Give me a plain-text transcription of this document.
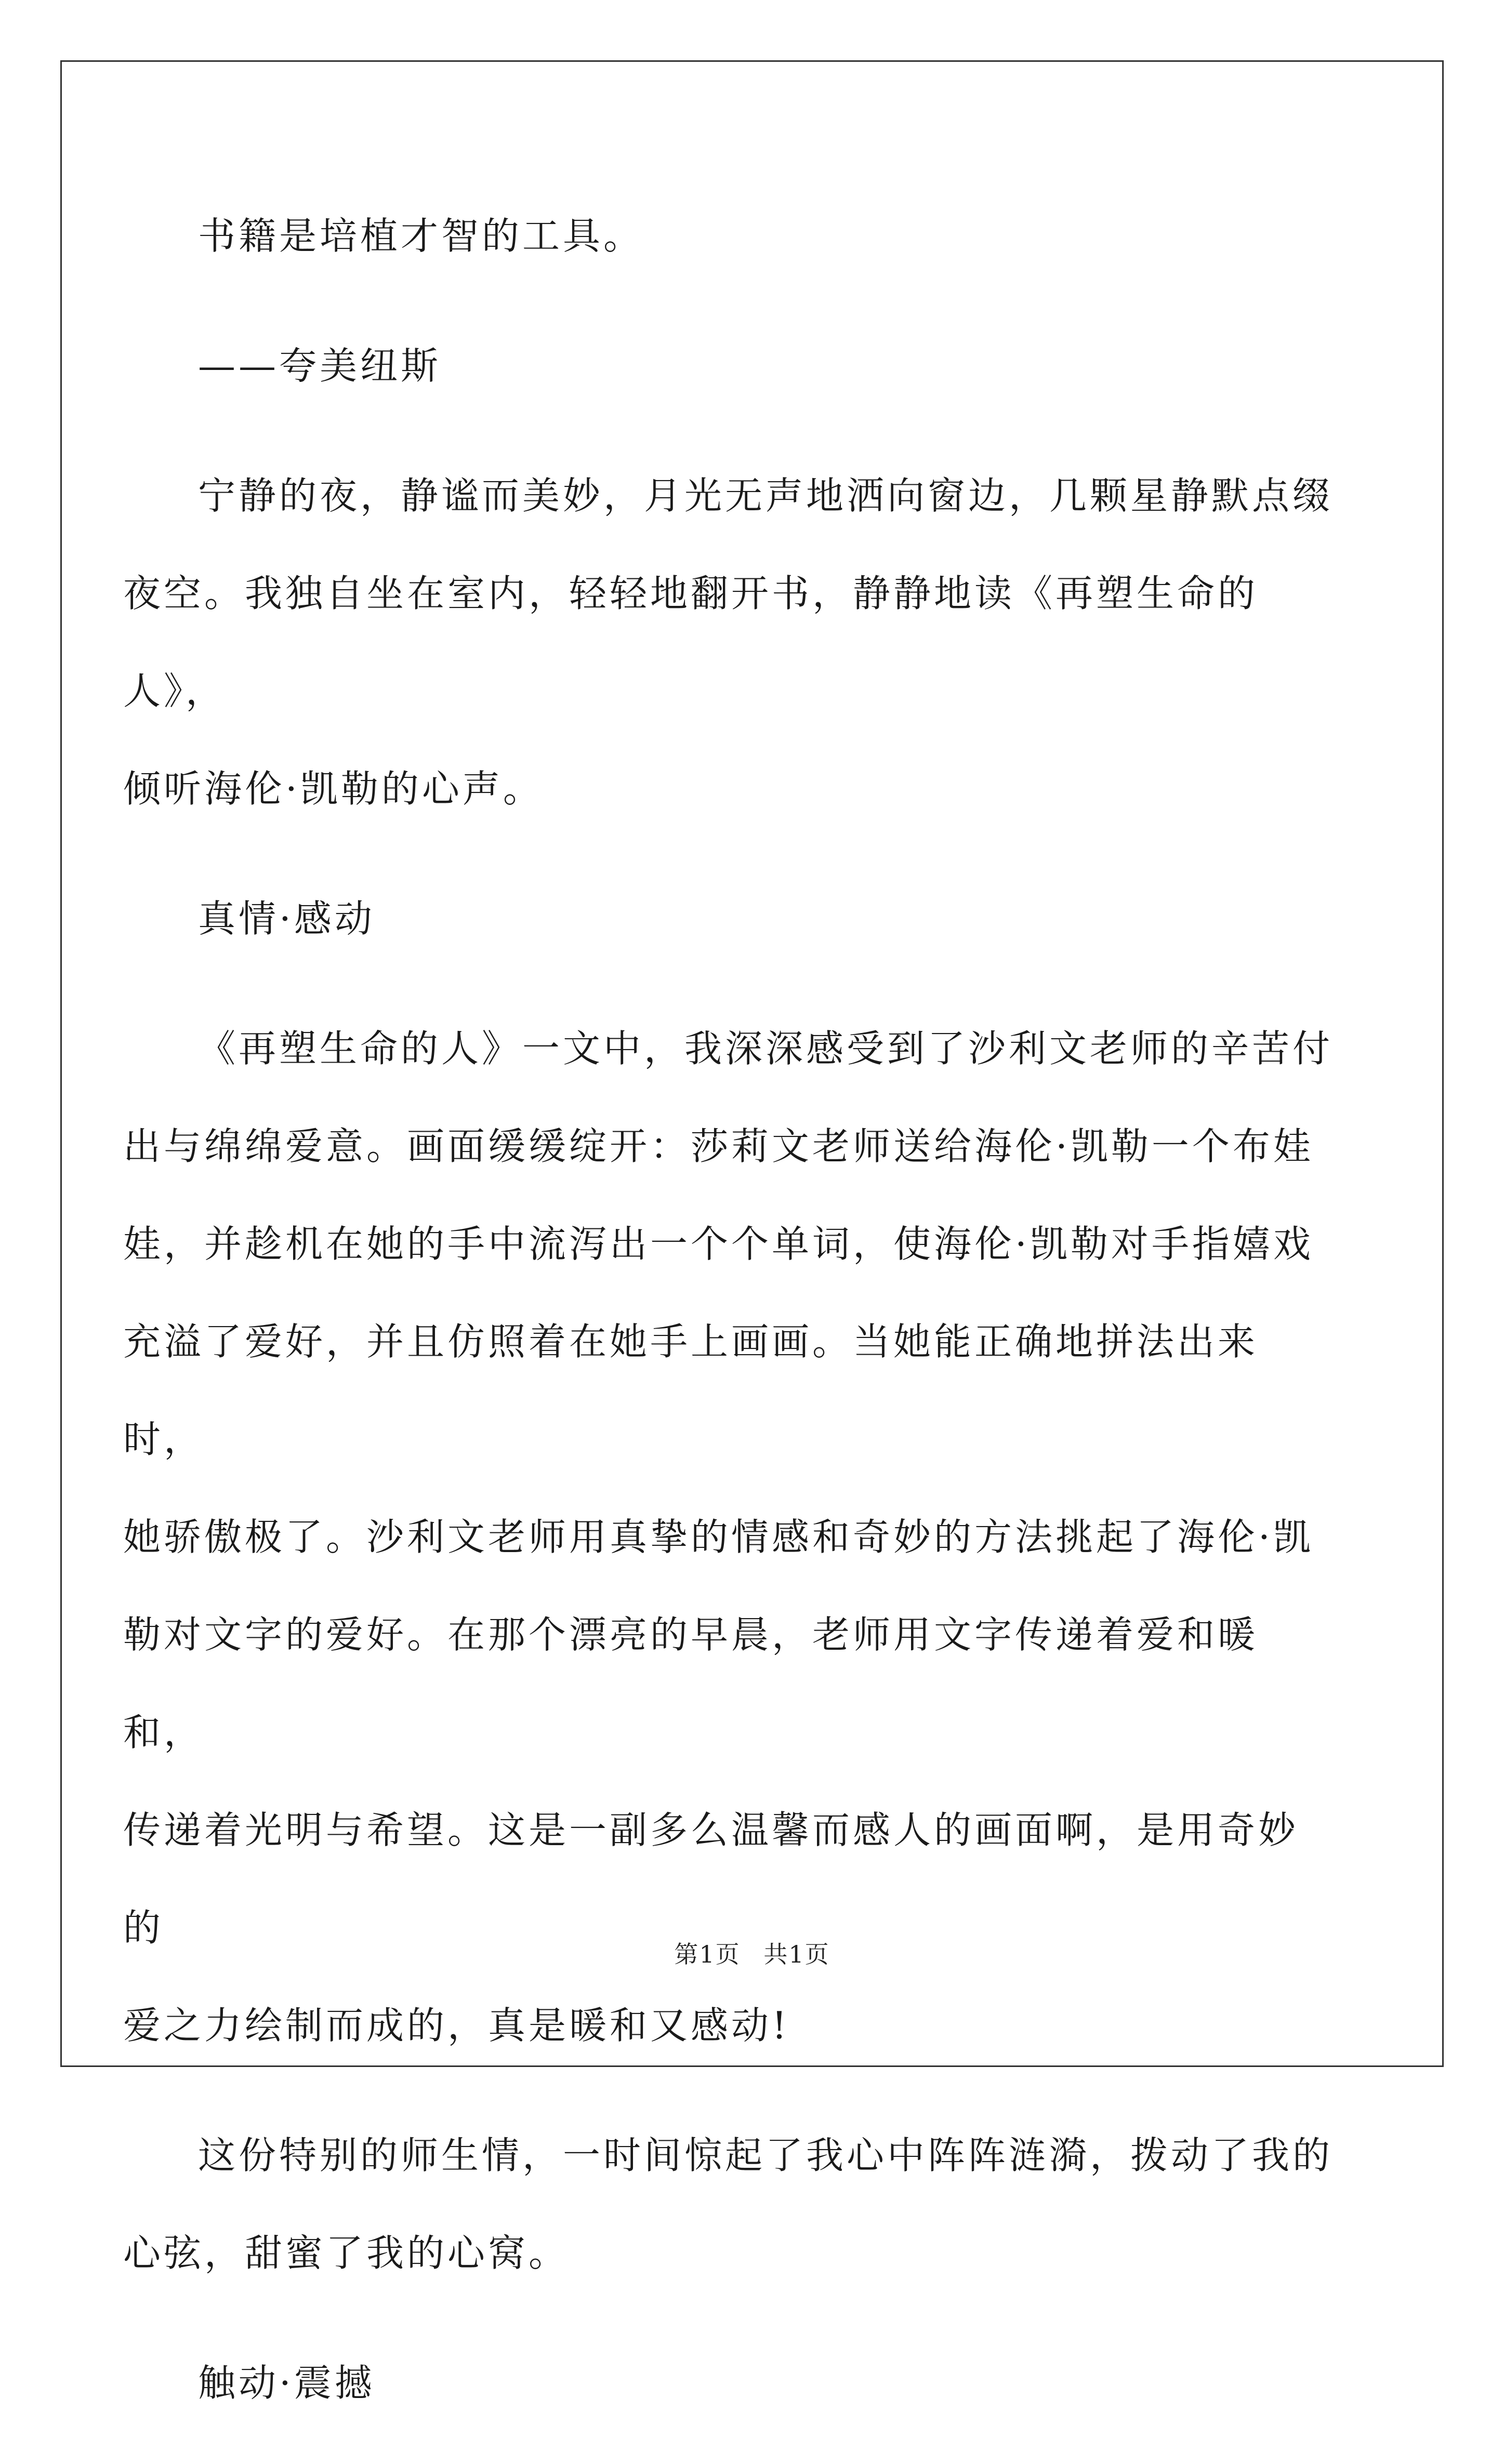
书籍是培植才智的工具。

——夸美纽斯

宁静的夜，静谧而美妙，月光无声地洒向窗边，几颗星静默点缀
夜空。我独自坐在室内，轻轻地翻开书，静静地读《再塑生命的人》，
倾听海伦·凯勒的心声。

真情·感动

《再塑生命的人》一文中，我深深感受到了沙利文老师的辛苦付
出与绵绵爱意。画面缓缓绽开：莎莉文老师送给海伦·凯勒一个布娃
娃，并趁机在她的手中流泻出一个个单词，使海伦·凯勒对手指嬉戏
充溢了爱好，并且仿照着在她手上画画。当她能正确地拼法出来时，
她骄傲极了。沙利文老师用真挚的情感和奇妙的方法挑起了海伦·凯
勒对文字的爱好。在那个漂亮的早晨，老师用文字传递着爱和暖和，
传递着光明与希望。这是一副多么温馨而感人的画面啊，是用奇妙的
爱之力绘制而成的，真是暖和又感动!

这份特别的师生情，一时间惊起了我心中阵阵涟漪，拨动了我的
心弦，甜蜜了我的心窝。

触动·震撼

第1页 共1页
